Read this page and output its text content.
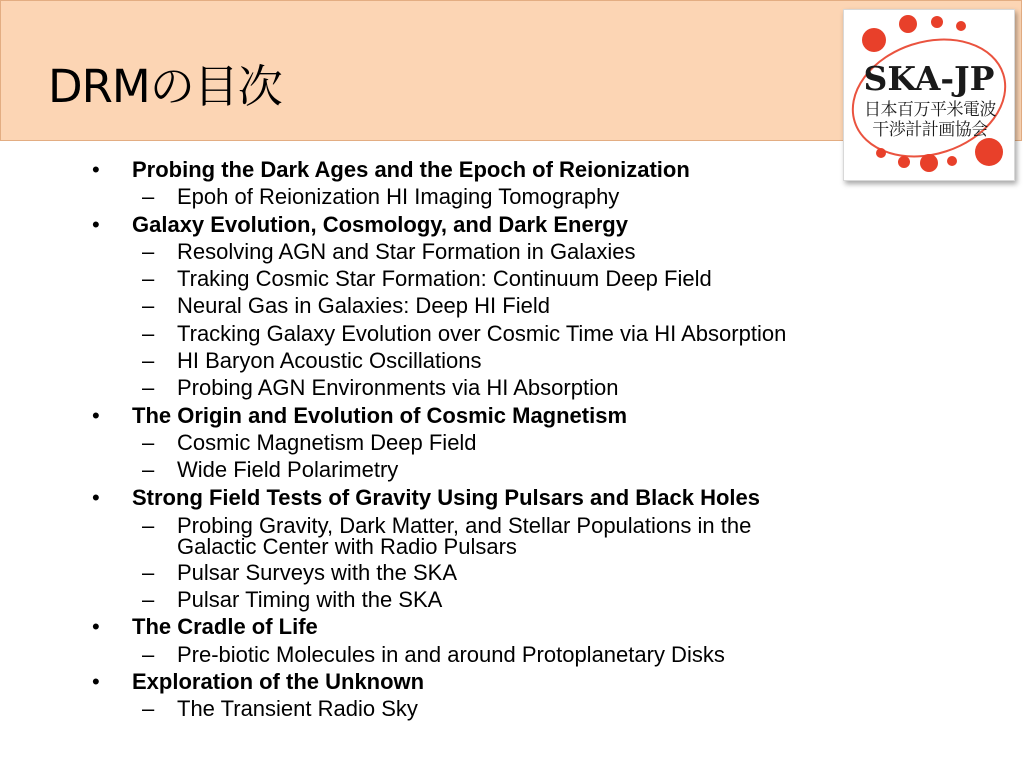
DRMの目次	SKA-JP
日本百万平米電波
干渉計計画協会
• Probing the Dark Ages and the Epoch of Reionization
– Epoh of Reionization HI Imaging Tomography
• Galaxy Evolution, Cosmology, and Dark Energy
– Resolving AGN and Star Formation in Galaxies
– Traking Cosmic Star Formation: Continuum Deep Field
– Neural Gas in Galaxies: Deep HI Field
– Tracking Galaxy Evolution over Cosmic Time via HI Absorption
– HI Baryon Acoustic Oscillations
– Probing AGN Environments via HI Absorption
• The Origin and Evolution of Cosmic Magnetism
– Cosmic Magnetism Deep Field
– Wide Field Polarimetry
• Strong Field Tests of Gravity Using Pulsars and Black Holes
– Probing Gravity, Dark Matter, and Stellar Populations in the Galactic Center with Radio Pulsars
– Pulsar Surveys with the SKA
– Pulsar Timing with the SKA
• The Cradle of Life
– Pre-biotic Molecules in and around Protoplanetary Disks
• Exploration of the Unknown
– The Transient Radio Sky
